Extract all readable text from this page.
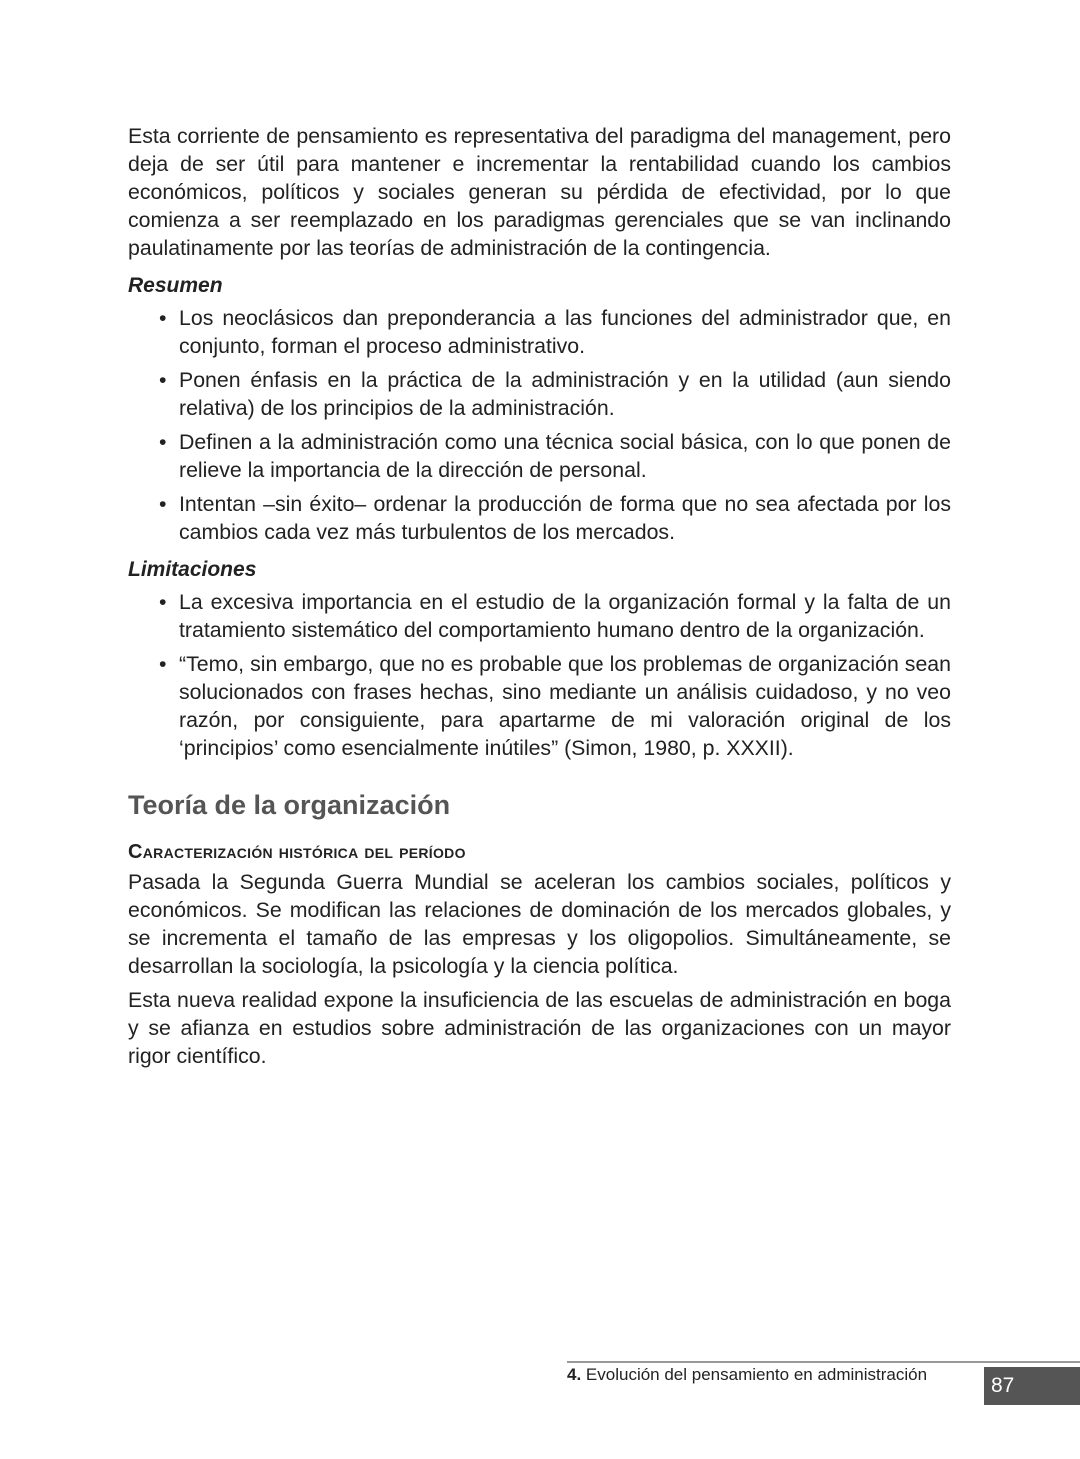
Esta corriente de pensamiento es representativa del paradigma del management, pero deja de ser útil para mantener e incrementar la rentabilidad cuando los cambios económicos, políticos y sociales generan su pérdida de efectividad, por lo que comienza a ser reemplazado en los paradigmas gerenciales que se van inclinando paulatinamente por las teorías de administración de la contingencia.

Resumen
• Los neoclásicos dan preponderancia a las funciones del administrador que, en conjunto, forman el proceso administrativo.
• Ponen énfasis en la práctica de la administración y en la utilidad (aun siendo relativa) de los principios de la administración.
• Definen a la administración como una técnica social básica, con lo que ponen de relieve la importancia de la dirección de personal.
• Intentan –sin éxito– ordenar la producción de forma que no sea afectada por los cambios cada vez más turbulentos de los mercados.
Limitaciones
• La excesiva importancia en el estudio de la organización formal y la falta de un tratamiento sistemático del comportamiento humano dentro de la organización.
• “Temo, sin embargo, que no es probable que los problemas de organización sean solucionados con frases hechas, sino mediante un análisis cuidadoso, y no veo razón, por consiguiente, para apartarme de mi valoración original de los ‘principios’ como esencialmente inútiles” (Simon, 1980, p. XXXII).
Teoría de la organización
Caracterización histórica del período

Pasada la Segunda Guerra Mundial se aceleran los cambios sociales, políticos y económicos. Se modifican las relaciones de dominación de los mercados globales, y se incrementa el tamaño de las empresas y los oligopolios. Simultáneamente, se desarrollan la sociología, la psicología y la ciencia política.

Esta nueva realidad expone la insuficiencia de las escuelas de administración en boga y se afianza en estudios sobre administración de las organizaciones con un mayor rigor científico.

4. Evolución del pensamiento en administración	87
